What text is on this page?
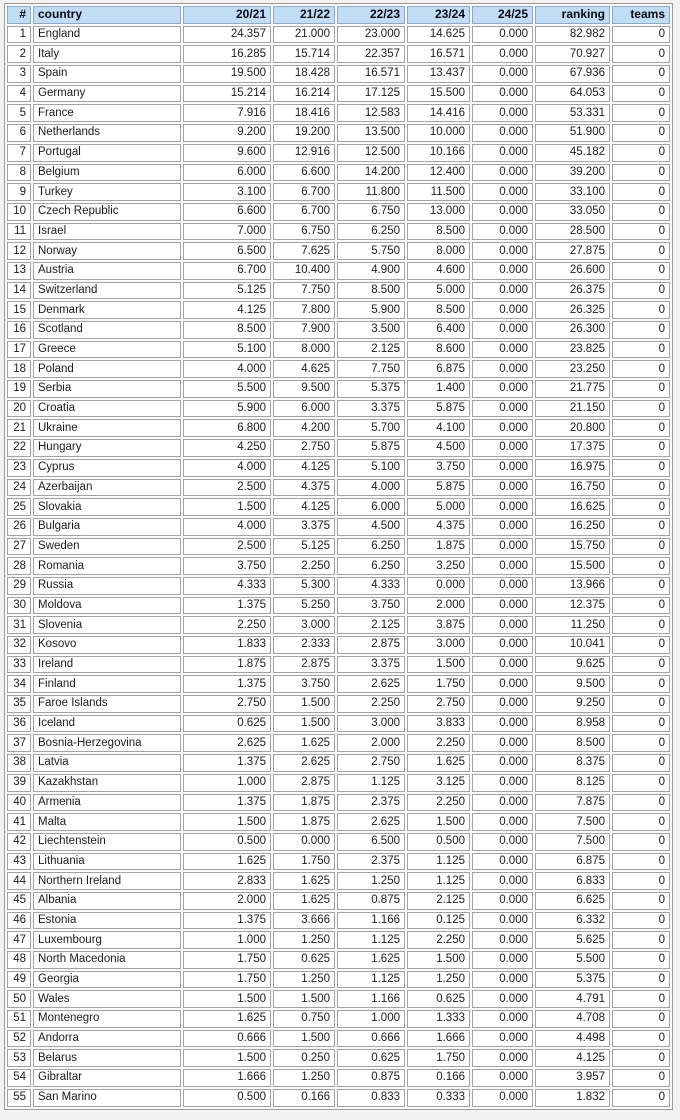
#	country	20/21	21/22	22/23	23/24	24/25	ranking	teams
1	England	24.357	21.000	23.000	14.625	0.000	82.982	0
2	Italy	16.285	15.714	22.357	16.571	0.000	70.927	0
3	Spain	19.500	18.428	16.571	13.437	0.000	67.936	0
4	Germany	15.214	16.214	17.125	15.500	0.000	64.053	0
5	France	7.916	18.416	12.583	14.416	0.000	53.331	0
6	Netherlands	9.200	19.200	13.500	10.000	0.000	51.900	0
7	Portugal	9.600	12.916	12.500	10.166	0.000	45.182	0
8	Belgium	6.000	6.600	14.200	12.400	0.000	39.200	0
9	Turkey	3.100	6.700	11.800	11.500	0.000	33.100	0
10	Czech Republic	6.600	6.700	6.750	13.000	0.000	33.050	0
11	Israel	7.000	6.750	6.250	8.500	0.000	28.500	0
12	Norway	6.500	7.625	5.750	8.000	0.000	27.875	0
13	Austria	6.700	10.400	4.900	4.600	0.000	26.600	0
14	Switzerland	5.125	7.750	8.500	5.000	0.000	26.375	0
15	Denmark	4.125	7.800	5.900	8.500	0.000	26.325	0
16	Scotland	8.500	7.900	3.500	6.400	0.000	26.300	0
17	Greece	5.100	8.000	2.125	8.600	0.000	23.825	0
18	Poland	4.000	4.625	7.750	6.875	0.000	23.250	0
19	Serbia	5.500	9.500	5.375	1.400	0.000	21.775	0
20	Croatia	5.900	6.000	3.375	5.875	0.000	21.150	0
21	Ukraine	6.800	4.200	5.700	4.100	0.000	20.800	0
22	Hungary	4.250	2.750	5.875	4.500	0.000	17.375	0
23	Cyprus	4.000	4.125	5.100	3.750	0.000	16.975	0
24	Azerbaijan	2.500	4.375	4.000	5.875	0.000	16.750	0
25	Slovakia	1.500	4.125	6.000	5.000	0.000	16.625	0
26	Bulgaria	4.000	3.375	4.500	4.375	0.000	16.250	0
27	Sweden	2.500	5.125	6.250	1.875	0.000	15.750	0
28	Romania	3.750	2.250	6.250	3.250	0.000	15.500	0
29	Russia	4.333	5.300	4.333	0.000	0.000	13.966	0
30	Moldova	1.375	5.250	3.750	2.000	0.000	12.375	0
31	Slovenia	2.250	3.000	2.125	3.875	0.000	11.250	0
32	Kosovo	1.833	2.333	2.875	3.000	0.000	10.041	0
33	Ireland	1.875	2.875	3.375	1.500	0.000	9.625	0
34	Finland	1.375	3.750	2.625	1.750	0.000	9.500	0
35	Faroe Islands	2.750	1.500	2.250	2.750	0.000	9.250	0
36	Iceland	0.625	1.500	3.000	3.833	0.000	8.958	0
37	Bosnia-Herzegovina	2.625	1.625	2.000	2.250	0.000	8.500	0
38	Latvia	1.375	2.625	2.750	1.625	0.000	8.375	0
39	Kazakhstan	1.000	2.875	1.125	3.125	0.000	8.125	0
40	Armenia	1.375	1.875	2.375	2.250	0.000	7.875	0
41	Malta	1.500	1.875	2.625	1.500	0.000	7.500	0
42	Liechtenstein	0.500	0.000	6.500	0.500	0.000	7.500	0
43	Lithuania	1.625	1.750	2.375	1.125	0.000	6.875	0
44	Northern Ireland	2.833	1.625	1.250	1.125	0.000	6.833	0
45	Albania	2.000	1.625	0.875	2.125	0.000	6.625	0
46	Estonia	1.375	3.666	1.166	0.125	0.000	6.332	0
47	Luxembourg	1.000	1.250	1.125	2.250	0.000	5.625	0
48	North Macedonia	1.750	0.625	1.625	1.500	0.000	5.500	0
49	Georgia	1.750	1.250	1.125	1.250	0.000	5.375	0
50	Wales	1.500	1.500	1.166	0.625	0.000	4.791	0
51	Montenegro	1.625	0.750	1.000	1.333	0.000	4.708	0
52	Andorra	0.666	1.500	0.666	1.666	0.000	4.498	0
53	Belarus	1.500	0.250	0.625	1.750	0.000	4.125	0
54	Gibraltar	1.666	1.250	0.875	0.166	0.000	3.957	0
55	San Marino	0.500	0.166	0.833	0.333	0.000	1.832	0
